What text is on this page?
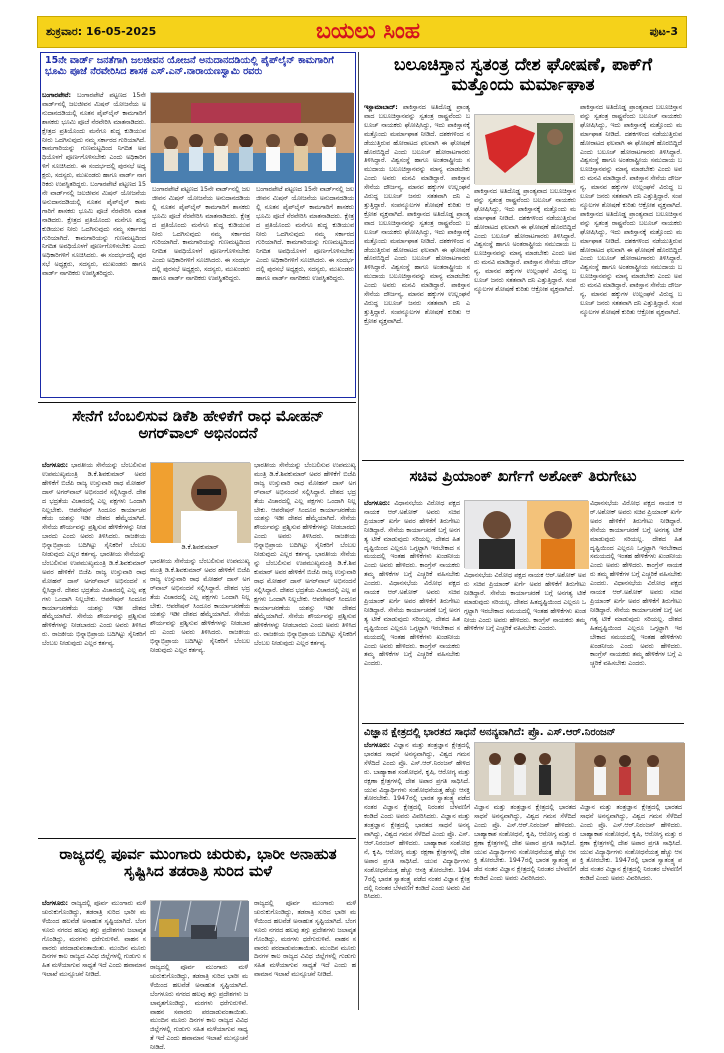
ಶುಕ್ರವಾರ: 16-05-2025	ಬಯಲು ಸಿಂಹ	ಪುಟ-3
15ನೇ ವಾರ್ಡ್ ಜನತೆಗಾಗಿ ಜಲಜೀವನ ಯೋಜನೆ ಅನುದಾನದಡಿಯಲ್ಲಿ ಪೈಪ್‌ಲೈನ್ ಕಾಮಗಾರಿಗೆ ಭೂಮಿ ಪೂಜೆ ನೆರವೇರಿಸಿದ ಶಾಸಕ ಎಸ್.ಎನ್.ನಾರಾಯಣಸ್ವಾಮಿ ರವರು
ಬಂಗಾರಪೇಟೆ: ಬಂಗಾರಪೇಟೆ ಪಟ್ಟಣದ 15ನೇ ವಾರ್ಡ್‌ನಲ್ಲಿ ಜಲಜೀವನ ಮಿಷನ್ ಯೋಜನೆಯ ಅನುದಾನದಡಿಯಲ್ಲಿ ನೂತನ ಪೈಪ್‌ಲೈನ್ ಕಾಮಗಾರಿಗೆ ಶಾಸಕರು ಭೂಮಿ ಪೂಜೆ ನೆರವೇರಿಸಿ ಮಾತನಾಡಿದರು. ಕ್ಷೇತ್ರದ ಪ್ರತಿಯೊಂದು ಮನೆಗೂ ಶುದ್ಧ ಕುಡಿಯುವ ನೀರು ಒದಗಿಸುವುದು ನಮ್ಮ ಸರ್ಕಾರದ ಗುರಿಯಾಗಿದೆ. ಕಾಮಗಾರಿಯನ್ನು ಗುಣಮಟ್ಟದಿಂದ ನಿಗದಿತ ಅವಧಿಯೊಳಗೆ ಪೂರ್ಣಗೊಳಿಸಬೇಕು ಎಂದು ಅಧಿಕಾರಿಗಳಿಗೆ ಸೂಚಿಸಿದರು. ಈ ಸಂದರ್ಭದಲ್ಲಿ ಪುರಸಭೆ ಅಧ್ಯಕ್ಷರು, ಸದಸ್ಯರು, ಮುಖಂಡರು ಹಾಗೂ ವಾರ್ಡ್ ನಾಗರಿಕರು ಉಪಸ್ಥಿತರಿದ್ದರು. ಬಂಗಾರಪೇಟೆ ಪಟ್ಟಣದ 15ನೇ ವಾರ್ಡ್‌ನಲ್ಲಿ ಜಲಜೀವನ ಮಿಷನ್ ಯೋಜನೆಯ ಅನುದಾನದಡಿಯಲ್ಲಿ ನೂತನ ಪೈಪ್‌ಲೈನ್ ಕಾಮಗಾರಿಗೆ ಶಾಸಕರು ಭೂಮಿ ಪೂಜೆ ನೆರವೇರಿಸಿ ಮಾತನಾಡಿದರು. ಕ್ಷೇತ್ರದ ಪ್ರತಿಯೊಂದು ಮನೆಗೂ ಶುದ್ಧ ಕುಡಿಯುವ ನೀರು ಒದಗಿಸುವುದು ನಮ್ಮ ಸರ್ಕಾರದ ಗುರಿಯಾಗಿದೆ. ಕಾಮಗಾರಿಯನ್ನು ಗುಣಮಟ್ಟದಿಂದ ನಿಗದಿತ ಅವಧಿಯೊಳಗೆ ಪೂರ್ಣಗೊಳಿಸಬೇಕು ಎಂದು ಅಧಿಕಾರಿಗಳಿಗೆ ಸೂಚಿಸಿದರು. ಈ ಸಂದರ್ಭದಲ್ಲಿ ಪುರಸಭೆ ಅಧ್ಯಕ್ಷರು, ಸದಸ್ಯರು, ಮುಖಂಡರು ಹಾಗೂ ವಾರ್ಡ್ ನಾಗರಿಕರು ಉಪಸ್ಥಿತರಿದ್ದರು.
ಬಂಗಾರಪೇಟೆ ಪಟ್ಟಣದ 15ನೇ ವಾರ್ಡ್‌ನಲ್ಲಿ ಜಲಜೀವನ ಮಿಷನ್ ಯೋಜನೆಯ ಅನುದಾನದಡಿಯಲ್ಲಿ ನೂತನ ಪೈಪ್‌ಲೈನ್ ಕಾಮಗಾರಿಗೆ ಶಾಸಕರು ಭೂಮಿ ಪೂಜೆ ನೆರವೇರಿಸಿ ಮಾತನಾಡಿದರು. ಕ್ಷೇತ್ರದ ಪ್ರತಿಯೊಂದು ಮನೆಗೂ ಶುದ್ಧ ಕುಡಿಯುವ ನೀರು ಒದಗಿಸುವುದು ನಮ್ಮ ಸರ್ಕಾರದ ಗುರಿಯಾಗಿದೆ. ಕಾಮಗಾರಿಯನ್ನು ಗುಣಮಟ್ಟದಿಂದ ನಿಗದಿತ ಅವಧಿಯೊಳಗೆ ಪೂರ್ಣಗೊಳಿಸಬೇಕು ಎಂದು ಅಧಿಕಾರಿಗಳಿಗೆ ಸೂಚಿಸಿದರು. ಈ ಸಂದರ್ಭದಲ್ಲಿ ಪುರಸಭೆ ಅಧ್ಯಕ್ಷರು, ಸದಸ್ಯರು, ಮುಖಂಡರು ಹಾಗೂ ವಾರ್ಡ್ ನಾಗರಿಕರು ಉಪಸ್ಥಿತರಿದ್ದರು.
ಬಂಗಾರಪೇಟೆ ಪಟ್ಟಣದ 15ನೇ ವಾರ್ಡ್‌ನಲ್ಲಿ ಜಲಜೀವನ ಮಿಷನ್ ಯೋಜನೆಯ ಅನುದಾನದಡಿಯಲ್ಲಿ ನೂತನ ಪೈಪ್‌ಲೈನ್ ಕಾಮಗಾರಿಗೆ ಶಾಸಕರು ಭೂಮಿ ಪೂಜೆ ನೆರವೇರಿಸಿ ಮಾತನಾಡಿದರು. ಕ್ಷೇತ್ರದ ಪ್ರತಿಯೊಂದು ಮನೆಗೂ ಶುದ್ಧ ಕುಡಿಯುವ ನೀರು ಒದಗಿಸುವುದು ನಮ್ಮ ಸರ್ಕಾರದ ಗುರಿಯಾಗಿದೆ. ಕಾಮಗಾರಿಯನ್ನು ಗುಣಮಟ್ಟದಿಂದ ನಿಗದಿತ ಅವಧಿಯೊಳಗೆ ಪೂರ್ಣಗೊಳಿಸಬೇಕು ಎಂದು ಅಧಿಕಾರಿಗಳಿಗೆ ಸೂಚಿಸಿದರು. ಈ ಸಂದರ್ಭದಲ್ಲಿ ಪುರಸಭೆ ಅಧ್ಯಕ್ಷರು, ಸದಸ್ಯರು, ಮುಖಂಡರು ಹಾಗೂ ವಾರ್ಡ್ ನಾಗರಿಕರು ಉಪಸ್ಥಿತರಿದ್ದರು.
ಬಲೂಚಿಸ್ತಾನ ಸ್ವತಂತ್ರ ದೇಶ ಘೋಷಣೆ, ಪಾಕ್‌ಗೆ ಮತ್ತೊಂದು ಮರ್ಮಾಘಾತ
ಇಸ್ಲಾಮಾಬಾದ್: ಪಾಕಿಸ್ತಾನದ ಅತಿದೊಡ್ಡ ಪ್ರಾಂತ್ಯವಾದ ಬಲೂಚಿಸ್ತಾನವನ್ನು ಸ್ವತಂತ್ರ ರಾಷ್ಟ್ರವೆಂದು ಬಲೂಚ್ ನಾಯಕರು ಘೋಷಿಸಿದ್ದು, ಇದು ಪಾಕಿಸ್ತಾನಕ್ಕೆ ಮತ್ತೊಂದು ಮರ್ಮಾಘಾತ ನೀಡಿದೆ. ದಶಕಗಳಿಂದ ನಡೆಯುತ್ತಿರುವ ಹೋರಾಟದ ಫಲವಾಗಿ ಈ ಘೋಷಣೆ ಹೊರಬಿದ್ದಿದೆ ಎಂದು ಬಲೂಚ್ ಹೋರಾಟಗಾರರು ತಿಳಿಸಿದ್ದಾರೆ. ವಿಶ್ವಸಂಸ್ಥೆ ಹಾಗೂ ಅಂತರಾಷ್ಟ್ರೀಯ ಸಮುದಾಯ ಬಲೂಚಿಸ್ತಾನವನ್ನು ಮಾನ್ಯ ಮಾಡಬೇಕು ಎಂದು ಅವರು ಮನವಿ ಮಾಡಿದ್ದಾರೆ. ಪಾಕಿಸ್ತಾನ ಸೇನೆಯ ದೌರ್ಜನ್ಯ, ಮಾನವ ಹಕ್ಕುಗಳ ಉಲ್ಲಂಘನೆ ವಿರುದ್ಧ ಬಲೂಚ್ ಜನರು ಸತತವಾಗಿ ದನಿ ಎತ್ತುತ್ತಿದ್ದಾರೆ. ಸಂಪನ್ಮೂಲಗಳ ಶೋಷಣೆ ಕುರಿತು ಆಕ್ರೋಶ ವ್ಯಕ್ತವಾಗಿದೆ. ಪಾಕಿಸ್ತಾನದ ಅತಿದೊಡ್ಡ ಪ್ರಾಂತ್ಯವಾದ ಬಲೂಚಿಸ್ತಾನವನ್ನು ಸ್ವತಂತ್ರ ರಾಷ್ಟ್ರವೆಂದು ಬಲೂಚ್ ನಾಯಕರು ಘೋಷಿಸಿದ್ದು, ಇದು ಪಾಕಿಸ್ತಾನಕ್ಕೆ ಮತ್ತೊಂದು ಮರ್ಮಾಘಾತ ನೀಡಿದೆ. ದಶಕಗಳಿಂದ ನಡೆಯುತ್ತಿರುವ ಹೋರಾಟದ ಫಲವಾಗಿ ಈ ಘೋಷಣೆ ಹೊರಬಿದ್ದಿದೆ ಎಂದು ಬಲೂಚ್ ಹೋರಾಟಗಾರರು ತಿಳಿಸಿದ್ದಾರೆ. ವಿಶ್ವಸಂಸ್ಥೆ ಹಾಗೂ ಅಂತರಾಷ್ಟ್ರೀಯ ಸಮುದಾಯ ಬಲೂಚಿಸ್ತಾನವನ್ನು ಮಾನ್ಯ ಮಾಡಬೇಕು ಎಂದು ಅವರು ಮನವಿ ಮಾಡಿದ್ದಾರೆ. ಪಾಕಿಸ್ತಾನ ಸೇನೆಯ ದೌರ್ಜನ್ಯ, ಮಾನವ ಹಕ್ಕುಗಳ ಉಲ್ಲಂಘನೆ ವಿರುದ್ಧ ಬಲೂಚ್ ಜನರು ಸತತವಾಗಿ ದನಿ ಎತ್ತುತ್ತಿದ್ದಾರೆ. ಸಂಪನ್ಮೂಲಗಳ ಶೋಷಣೆ ಕುರಿತು ಆಕ್ರೋಶ ವ್ಯಕ್ತವಾಗಿದೆ.
ಪಾಕಿಸ್ತಾನದ ಅತಿದೊಡ್ಡ ಪ್ರಾಂತ್ಯವಾದ ಬಲೂಚಿಸ್ತಾನವನ್ನು ಸ್ವತಂತ್ರ ರಾಷ್ಟ್ರವೆಂದು ಬಲೂಚ್ ನಾಯಕರು ಘೋಷಿಸಿದ್ದು, ಇದು ಪಾಕಿಸ್ತಾನಕ್ಕೆ ಮತ್ತೊಂದು ಮರ್ಮಾಘಾತ ನೀಡಿದೆ. ದಶಕಗಳಿಂದ ನಡೆಯುತ್ತಿರುವ ಹೋರಾಟದ ಫಲವಾಗಿ ಈ ಘೋಷಣೆ ಹೊರಬಿದ್ದಿದೆ ಎಂದು ಬಲೂಚ್ ಹೋರಾಟಗಾರರು ತಿಳಿಸಿದ್ದಾರೆ. ವಿಶ್ವಸಂಸ್ಥೆ ಹಾಗೂ ಅಂತರಾಷ್ಟ್ರೀಯ ಸಮುದಾಯ ಬಲೂಚಿಸ್ತಾನವನ್ನು ಮಾನ್ಯ ಮಾಡಬೇಕು ಎಂದು ಅವರು ಮನವಿ ಮಾಡಿದ್ದಾರೆ. ಪಾಕಿಸ್ತಾನ ಸೇನೆಯ ದೌರ್ಜನ್ಯ, ಮಾನವ ಹಕ್ಕುಗಳ ಉಲ್ಲಂಘನೆ ವಿರುದ್ಧ ಬಲೂಚ್ ಜನರು ಸತತವಾಗಿ ದನಿ ಎತ್ತುತ್ತಿದ್ದಾರೆ. ಸಂಪನ್ಮೂಲಗಳ ಶೋಷಣೆ ಕುರಿತು ಆಕ್ರೋಶ ವ್ಯಕ್ತವಾಗಿದೆ.
ಪಾಕಿಸ್ತಾನದ ಅತಿದೊಡ್ಡ ಪ್ರಾಂತ್ಯವಾದ ಬಲೂಚಿಸ್ತಾನವನ್ನು ಸ್ವತಂತ್ರ ರಾಷ್ಟ್ರವೆಂದು ಬಲೂಚ್ ನಾಯಕರು ಘೋಷಿಸಿದ್ದು, ಇದು ಪಾಕಿಸ್ತಾನಕ್ಕೆ ಮತ್ತೊಂದು ಮರ್ಮಾಘಾತ ನೀಡಿದೆ. ದಶಕಗಳಿಂದ ನಡೆಯುತ್ತಿರುವ ಹೋರಾಟದ ಫಲವಾಗಿ ಈ ಘೋಷಣೆ ಹೊರಬಿದ್ದಿದೆ ಎಂದು ಬಲೂಚ್ ಹೋರಾಟಗಾರರು ತಿಳಿಸಿದ್ದಾರೆ. ವಿಶ್ವಸಂಸ್ಥೆ ಹಾಗೂ ಅಂತರಾಷ್ಟ್ರೀಯ ಸಮುದಾಯ ಬಲೂಚಿಸ್ತಾನವನ್ನು ಮಾನ್ಯ ಮಾಡಬೇಕು ಎಂದು ಅವರು ಮನವಿ ಮಾಡಿದ್ದಾರೆ. ಪಾಕಿಸ್ತಾನ ಸೇನೆಯ ದೌರ್ಜನ್ಯ, ಮಾನವ ಹಕ್ಕುಗಳ ಉಲ್ಲಂಘನೆ ವಿರುದ್ಧ ಬಲೂಚ್ ಜನರು ಸತತವಾಗಿ ದನಿ ಎತ್ತುತ್ತಿದ್ದಾರೆ. ಸಂಪನ್ಮೂಲಗಳ ಶೋಷಣೆ ಕುರಿತು ಆಕ್ರೋಶ ವ್ಯಕ್ತವಾಗಿದೆ. ಪಾಕಿಸ್ತಾನದ ಅತಿದೊಡ್ಡ ಪ್ರಾಂತ್ಯವಾದ ಬಲೂಚಿಸ್ತಾನವನ್ನು ಸ್ವತಂತ್ರ ರಾಷ್ಟ್ರವೆಂದು ಬಲೂಚ್ ನಾಯಕರು ಘೋಷಿಸಿದ್ದು, ಇದು ಪಾಕಿಸ್ತಾನಕ್ಕೆ ಮತ್ತೊಂದು ಮರ್ಮಾಘಾತ ನೀಡಿದೆ. ದಶಕಗಳಿಂದ ನಡೆಯುತ್ತಿರುವ ಹೋರಾಟದ ಫಲವಾಗಿ ಈ ಘೋಷಣೆ ಹೊರಬಿದ್ದಿದೆ ಎಂದು ಬಲೂಚ್ ಹೋರಾಟಗಾರರು ತಿಳಿಸಿದ್ದಾರೆ. ವಿಶ್ವಸಂಸ್ಥೆ ಹಾಗೂ ಅಂತರಾಷ್ಟ್ರೀಯ ಸಮುದಾಯ ಬಲೂಚಿಸ್ತಾನವನ್ನು ಮಾನ್ಯ ಮಾಡಬೇಕು ಎಂದು ಅವರು ಮನವಿ ಮಾಡಿದ್ದಾರೆ. ಪಾಕಿಸ್ತಾನ ಸೇನೆಯ ದೌರ್ಜನ್ಯ, ಮಾನವ ಹಕ್ಕುಗಳ ಉಲ್ಲಂಘನೆ ವಿರುದ್ಧ ಬಲೂಚ್ ಜನರು ಸತತವಾಗಿ ದನಿ ಎತ್ತುತ್ತಿದ್ದಾರೆ. ಸಂಪನ್ಮೂಲಗಳ ಶೋಷಣೆ ಕುರಿತು ಆಕ್ರೋಶ ವ್ಯಕ್ತವಾಗಿದೆ.
ಸೇನೆಗೆ ಬೆಂಬಲಿಸುವ ಡಿಕೆಶಿ ಹೇಳಿಕೆಗೆ ರಾಧ ಮೋಹನ್ ಅಗರ್‌ವಾಲ್ ಅಭಿನಂದನೆ
ಡಿ.ಕೆ.ಶಿವಕುಮಾರ್
ಬೆಂಗಳೂರು: ಭಾರತೀಯ ಸೇನೆಯನ್ನು ಬೆಂಬಲಿಸುವ ಉಪಮುಖ್ಯಮಂತ್ರಿ ಡಿ.ಕೆ.ಶಿವಕುಮಾರ್ ಅವರ ಹೇಳಿಕೆಗೆ ಬಿಜೆಪಿ ರಾಜ್ಯ ಉಸ್ತುವಾರಿ ರಾಧ ಮೋಹನ್ ದಾಸ್ ಅಗರ್‌ವಾಲ್ ಅಭಿನಂದನೆ ಸಲ್ಲಿಸಿದ್ದಾರೆ. ದೇಶದ ಭದ್ರತೆಯ ವಿಚಾರದಲ್ಲಿ ಎಲ್ಲ ಪಕ್ಷಗಳು ಒಂದಾಗಿ ನಿಲ್ಲಬೇಕು. ಆಪರೇಷನ್ ಸಿಂದೂರ ಕಾರ್ಯಾಚರಣೆಯ ಯಶಸ್ಸು ಇಡೀ ದೇಶದ ಹೆಮ್ಮೆಯಾಗಿದೆ. ಸೇನೆಯ ಶೌರ್ಯವನ್ನು ಪ್ರಶ್ನಿಸುವ ಹೇಳಿಕೆಗಳನ್ನು ನೀಡಬಾರದು ಎಂದು ಅವರು ತಿಳಿಸಿದರು. ರಾಜಕೀಯ ಭಿನ್ನಾಭಿಪ್ರಾಯ ಬದಿಗಿಟ್ಟು ಸೈನಿಕರಿಗೆ ಬೆಂಬಲ ನೀಡುವುದು ಎಲ್ಲರ ಕರ್ತವ್ಯ. ಭಾರತೀಯ ಸೇನೆಯನ್ನು ಬೆಂಬಲಿಸುವ ಉಪಮುಖ್ಯಮಂತ್ರಿ ಡಿ.ಕೆ.ಶಿವಕುಮಾರ್ ಅವರ ಹೇಳಿಕೆಗೆ ಬಿಜೆಪಿ ರಾಜ್ಯ ಉಸ್ತುವಾರಿ ರಾಧ ಮೋಹನ್ ದಾಸ್ ಅಗರ್‌ವಾಲ್ ಅಭಿನಂದನೆ ಸಲ್ಲಿಸಿದ್ದಾರೆ. ದೇಶದ ಭದ್ರತೆಯ ವಿಚಾರದಲ್ಲಿ ಎಲ್ಲ ಪಕ್ಷಗಳು ಒಂದಾಗಿ ನಿಲ್ಲಬೇಕು. ಆಪರೇಷನ್ ಸಿಂದೂರ ಕಾರ್ಯಾಚರಣೆಯ ಯಶಸ್ಸು ಇಡೀ ದೇಶದ ಹೆಮ್ಮೆಯಾಗಿದೆ. ಸೇನೆಯ ಶೌರ್ಯವನ್ನು ಪ್ರಶ್ನಿಸುವ ಹೇಳಿಕೆಗಳನ್ನು ನೀಡಬಾರದು ಎಂದು ಅವರು ತಿಳಿಸಿದರು. ರಾಜಕೀಯ ಭಿನ್ನಾಭಿಪ್ರಾಯ ಬದಿಗಿಟ್ಟು ಸೈನಿಕರಿಗೆ ಬೆಂಬಲ ನೀಡುವುದು ಎಲ್ಲರ ಕರ್ತವ್ಯ.
ಭಾರತೀಯ ಸೇನೆಯನ್ನು ಬೆಂಬಲಿಸುವ ಉಪಮುಖ್ಯಮಂತ್ರಿ ಡಿ.ಕೆ.ಶಿವಕುಮಾರ್ ಅವರ ಹೇಳಿಕೆಗೆ ಬಿಜೆಪಿ ರಾಜ್ಯ ಉಸ್ತುವಾರಿ ರಾಧ ಮೋಹನ್ ದಾಸ್ ಅಗರ್‌ವಾಲ್ ಅಭಿನಂದನೆ ಸಲ್ಲಿಸಿದ್ದಾರೆ. ದೇಶದ ಭದ್ರತೆಯ ವಿಚಾರದಲ್ಲಿ ಎಲ್ಲ ಪಕ್ಷಗಳು ಒಂದಾಗಿ ನಿಲ್ಲಬೇಕು. ಆಪರೇಷನ್ ಸಿಂದೂರ ಕಾರ್ಯಾಚರಣೆಯ ಯಶಸ್ಸು ಇಡೀ ದೇಶದ ಹೆಮ್ಮೆಯಾಗಿದೆ. ಸೇನೆಯ ಶೌರ್ಯವನ್ನು ಪ್ರಶ್ನಿಸುವ ಹೇಳಿಕೆಗಳನ್ನು ನೀಡಬಾರದು ಎಂದು ಅವರು ತಿಳಿಸಿದರು. ರಾಜಕೀಯ ಭಿನ್ನಾಭಿಪ್ರಾಯ ಬದಿಗಿಟ್ಟು ಸೈನಿಕರಿಗೆ ಬೆಂಬಲ ನೀಡುವುದು ಎಲ್ಲರ ಕರ್ತವ್ಯ.
ಭಾರತೀಯ ಸೇನೆಯನ್ನು ಬೆಂಬಲಿಸುವ ಉಪಮುಖ್ಯಮಂತ್ರಿ ಡಿ.ಕೆ.ಶಿವಕುಮಾರ್ ಅವರ ಹೇಳಿಕೆಗೆ ಬಿಜೆಪಿ ರಾಜ್ಯ ಉಸ್ತುವಾರಿ ರಾಧ ಮೋಹನ್ ದಾಸ್ ಅಗರ್‌ವಾಲ್ ಅಭಿನಂದನೆ ಸಲ್ಲಿಸಿದ್ದಾರೆ. ದೇಶದ ಭದ್ರತೆಯ ವಿಚಾರದಲ್ಲಿ ಎಲ್ಲ ಪಕ್ಷಗಳು ಒಂದಾಗಿ ನಿಲ್ಲಬೇಕು. ಆಪರೇಷನ್ ಸಿಂದೂರ ಕಾರ್ಯಾಚರಣೆಯ ಯಶಸ್ಸು ಇಡೀ ದೇಶದ ಹೆಮ್ಮೆಯಾಗಿದೆ. ಸೇನೆಯ ಶೌರ್ಯವನ್ನು ಪ್ರಶ್ನಿಸುವ ಹೇಳಿಕೆಗಳನ್ನು ನೀಡಬಾರದು ಎಂದು ಅವರು ತಿಳಿಸಿದರು. ರಾಜಕೀಯ ಭಿನ್ನಾಭಿಪ್ರಾಯ ಬದಿಗಿಟ್ಟು ಸೈನಿಕರಿಗೆ ಬೆಂಬಲ ನೀಡುವುದು ಎಲ್ಲರ ಕರ್ತವ್ಯ. ಭಾರತೀಯ ಸೇನೆಯನ್ನು ಬೆಂಬಲಿಸುವ ಉಪಮುಖ್ಯಮಂತ್ರಿ ಡಿ.ಕೆ.ಶಿವಕುಮಾರ್ ಅವರ ಹೇಳಿಕೆಗೆ ಬಿಜೆಪಿ ರಾಜ್ಯ ಉಸ್ತುವಾರಿ ರಾಧ ಮೋಹನ್ ದಾಸ್ ಅಗರ್‌ವಾಲ್ ಅಭಿನಂದನೆ ಸಲ್ಲಿಸಿದ್ದಾರೆ. ದೇಶದ ಭದ್ರತೆಯ ವಿಚಾರದಲ್ಲಿ ಎಲ್ಲ ಪಕ್ಷಗಳು ಒಂದಾಗಿ ನಿಲ್ಲಬೇಕು. ಆಪರೇಷನ್ ಸಿಂದೂರ ಕಾರ್ಯಾಚರಣೆಯ ಯಶಸ್ಸು ಇಡೀ ದೇಶದ ಹೆಮ್ಮೆಯಾಗಿದೆ. ಸೇನೆಯ ಶೌರ್ಯವನ್ನು ಪ್ರಶ್ನಿಸುವ ಹೇಳಿಕೆಗಳನ್ನು ನೀಡಬಾರದು ಎಂದು ಅವರು ತಿಳಿಸಿದರು. ರಾಜಕೀಯ ಭಿನ್ನಾಭಿಪ್ರಾಯ ಬದಿಗಿಟ್ಟು ಸೈನಿಕರಿಗೆ ಬೆಂಬಲ ನೀಡುವುದು ಎಲ್ಲರ ಕರ್ತವ್ಯ.
ಸಚಿವ ಪ್ರಿಯಾಂಕ್ ಖರ್ಗೆಗೆ ಅಶೋಕ್ ತಿರುಗೇಟು
ಬೆಂಗಳೂರು: ವಿಧಾನಸಭೆಯ ವಿರೋಧ ಪಕ್ಷದ ನಾಯಕ ಆರ್.ಅಶೋಕ್ ಅವರು ಸಚಿವ ಪ್ರಿಯಾಂಕ್ ಖರ್ಗೆ ಅವರ ಹೇಳಿಕೆಗೆ ತಿರುಗೇಟು ನೀಡಿದ್ದಾರೆ. ಸೇನೆಯ ಕಾರ್ಯಾಚರಣೆ ಬಗ್ಗೆ ಅನಗತ್ಯ ಟೀಕೆ ಮಾಡುವುದು ಸರಿಯಲ್ಲ. ದೇಶದ ಹಿತದೃಷ್ಟಿಯಿಂದ ಎಲ್ಲರೂ ಒಗ್ಗಟ್ಟಾಗಿ ಇರಬೇಕಾದ ಸಮಯದಲ್ಲಿ ಇಂತಹ ಹೇಳಿಕೆಗಳು ಖಂಡನೀಯ ಎಂದು ಅವರು ಹೇಳಿದರು. ಕಾಂಗ್ರೆಸ್ ನಾಯಕರು ತಮ್ಮ ಹೇಳಿಕೆಗಳ ಬಗ್ಗೆ ಎಚ್ಚರಿಕೆ ವಹಿಸಬೇಕು ಎಂದರು. ವಿಧಾನಸಭೆಯ ವಿರೋಧ ಪಕ್ಷದ ನಾಯಕ ಆರ್.ಅಶೋಕ್ ಅವರು ಸಚಿವ ಪ್ರಿಯಾಂಕ್ ಖರ್ಗೆ ಅವರ ಹೇಳಿಕೆಗೆ ತಿರುಗೇಟು ನೀಡಿದ್ದಾರೆ. ಸೇನೆಯ ಕಾರ್ಯಾಚರಣೆ ಬಗ್ಗೆ ಅನಗತ್ಯ ಟೀಕೆ ಮಾಡುವುದು ಸರಿಯಲ್ಲ. ದೇಶದ ಹಿತದೃಷ್ಟಿಯಿಂದ ಎಲ್ಲರೂ ಒಗ್ಗಟ್ಟಾಗಿ ಇರಬೇಕಾದ ಸಮಯದಲ್ಲಿ ಇಂತಹ ಹೇಳಿಕೆಗಳು ಖಂಡನೀಯ ಎಂದು ಅವರು ಹೇಳಿದರು. ಕಾಂಗ್ರೆಸ್ ನಾಯಕರು ತಮ್ಮ ಹೇಳಿಕೆಗಳ ಬಗ್ಗೆ ಎಚ್ಚರಿಕೆ ವಹಿಸಬೇಕು ಎಂದರು.
ವಿಧಾನಸಭೆಯ ವಿರೋಧ ಪಕ್ಷದ ನಾಯಕ ಆರ್.ಅಶೋಕ್ ಅವರು ಸಚಿವ ಪ್ರಿಯಾಂಕ್ ಖರ್ಗೆ ಅವರ ಹೇಳಿಕೆಗೆ ತಿರುಗೇಟು ನೀಡಿದ್ದಾರೆ. ಸೇನೆಯ ಕಾರ್ಯಾಚರಣೆ ಬಗ್ಗೆ ಅನಗತ್ಯ ಟೀಕೆ ಮಾಡುವುದು ಸರಿಯಲ್ಲ. ದೇಶದ ಹಿತದೃಷ್ಟಿಯಿಂದ ಎಲ್ಲರೂ ಒಗ್ಗಟ್ಟಾಗಿ ಇರಬೇಕಾದ ಸಮಯದಲ್ಲಿ ಇಂತಹ ಹೇಳಿಕೆಗಳು ಖಂಡನೀಯ ಎಂದು ಅವರು ಹೇಳಿದರು. ಕಾಂಗ್ರೆಸ್ ನಾಯಕರು ತಮ್ಮ ಹೇಳಿಕೆಗಳ ಬಗ್ಗೆ ಎಚ್ಚರಿಕೆ ವಹಿಸಬೇಕು ಎಂದರು.
ವಿಧಾನಸಭೆಯ ವಿರೋಧ ಪಕ್ಷದ ನಾಯಕ ಆರ್.ಅಶೋಕ್ ಅವರು ಸಚಿವ ಪ್ರಿಯಾಂಕ್ ಖರ್ಗೆ ಅವರ ಹೇಳಿಕೆಗೆ ತಿರುಗೇಟು ನೀಡಿದ್ದಾರೆ. ಸೇನೆಯ ಕಾರ್ಯಾಚರಣೆ ಬಗ್ಗೆ ಅನಗತ್ಯ ಟೀಕೆ ಮಾಡುವುದು ಸರಿಯಲ್ಲ. ದೇಶದ ಹಿತದೃಷ್ಟಿಯಿಂದ ಎಲ್ಲರೂ ಒಗ್ಗಟ್ಟಾಗಿ ಇರಬೇಕಾದ ಸಮಯದಲ್ಲಿ ಇಂತಹ ಹೇಳಿಕೆಗಳು ಖಂಡನೀಯ ಎಂದು ಅವರು ಹೇಳಿದರು. ಕಾಂಗ್ರೆಸ್ ನಾಯಕರು ತಮ್ಮ ಹೇಳಿಕೆಗಳ ಬಗ್ಗೆ ಎಚ್ಚರಿಕೆ ವಹಿಸಬೇಕು ಎಂದರು. ವಿಧಾನಸಭೆಯ ವಿರೋಧ ಪಕ್ಷದ ನಾಯಕ ಆರ್.ಅಶೋಕ್ ಅವರು ಸಚಿವ ಪ್ರಿಯಾಂಕ್ ಖರ್ಗೆ ಅವರ ಹೇಳಿಕೆಗೆ ತಿರುಗೇಟು ನೀಡಿದ್ದಾರೆ. ಸೇನೆಯ ಕಾರ್ಯಾಚರಣೆ ಬಗ್ಗೆ ಅನಗತ್ಯ ಟೀಕೆ ಮಾಡುವುದು ಸರಿಯಲ್ಲ. ದೇಶದ ಹಿತದೃಷ್ಟಿಯಿಂದ ಎಲ್ಲರೂ ಒಗ್ಗಟ್ಟಾಗಿ ಇರಬೇಕಾದ ಸಮಯದಲ್ಲಿ ಇಂತಹ ಹೇಳಿಕೆಗಳು ಖಂಡನೀಯ ಎಂದು ಅವರು ಹೇಳಿದರು. ಕಾಂಗ್ರೆಸ್ ನಾಯಕರು ತಮ್ಮ ಹೇಳಿಕೆಗಳ ಬಗ್ಗೆ ಎಚ್ಚರಿಕೆ ವಹಿಸಬೇಕು ಎಂದರು.
ವಿಜ್ಞಾನ ಕ್ಷೇತ್ರದಲ್ಲಿ ಭಾರತದ ಸಾಧನೆ ಅನನ್ಯವಾಗಿದೆ: ಪ್ರೊ. ಎಸ್.ಆರ್.ನಿರಂಜನ್
ಬೆಂಗಳೂರು: ವಿಜ್ಞಾನ ಮತ್ತು ತಂತ್ರಜ್ಞಾನ ಕ್ಷೇತ್ರದಲ್ಲಿ ಭಾರತದ ಸಾಧನೆ ಅನನ್ಯವಾಗಿದ್ದು, ವಿಶ್ವದ ಗಮನ ಸೆಳೆದಿದೆ ಎಂದು ಪ್ರೊ. ಎಸ್.ಆರ್.ನಿರಂಜನ್ ಹೇಳಿದರು. ಬಾಹ್ಯಾಕಾಶ ಸಂಶೋಧನೆ, ಕೃಷಿ, ಆರೋಗ್ಯ ಮತ್ತು ರಕ್ಷಣಾ ಕ್ಷೇತ್ರಗಳಲ್ಲಿ ದೇಶ ಅಪಾರ ಪ್ರಗತಿ ಸಾಧಿಸಿದೆ. ಯುವ ವಿದ್ಯಾರ್ಥಿಗಳು ಸಂಶೋಧನೆಯತ್ತ ಹೆಚ್ಚು ಆಸಕ್ತಿ ತೋರಬೇಕು. 1947ರಲ್ಲಿ ಭಾರತ ಸ್ವಾತಂತ್ರ್ಯ ಪಡೆದ ನಂತರ ವಿಜ್ಞಾನ ಕ್ಷೇತ್ರದಲ್ಲಿ ನಿರಂತರ ಬೆಳವಣಿಗೆ ಕಂಡಿದೆ ಎಂದು ಅವರು ವಿವರಿಸಿದರು. ವಿಜ್ಞಾನ ಮತ್ತು ತಂತ್ರಜ್ಞಾನ ಕ್ಷೇತ್ರದಲ್ಲಿ ಭಾರತದ ಸಾಧನೆ ಅನನ್ಯವಾಗಿದ್ದು, ವಿಶ್ವದ ಗಮನ ಸೆಳೆದಿದೆ ಎಂದು ಪ್ರೊ. ಎಸ್.ಆರ್.ನಿರಂಜನ್ ಹೇಳಿದರು. ಬಾಹ್ಯಾಕಾಶ ಸಂಶೋಧನೆ, ಕೃಷಿ, ಆರೋಗ್ಯ ಮತ್ತು ರಕ್ಷಣಾ ಕ್ಷೇತ್ರಗಳಲ್ಲಿ ದೇಶ ಅಪಾರ ಪ್ರಗತಿ ಸಾಧಿಸಿದೆ. ಯುವ ವಿದ್ಯಾರ್ಥಿಗಳು ಸಂಶೋಧನೆಯತ್ತ ಹೆಚ್ಚು ಆಸಕ್ತಿ ತೋರಬೇಕು. 1947ರಲ್ಲಿ ಭಾರತ ಸ್ವಾತಂತ್ರ್ಯ ಪಡೆದ ನಂತರ ವಿಜ್ಞಾನ ಕ್ಷೇತ್ರದಲ್ಲಿ ನಿರಂತರ ಬೆಳವಣಿಗೆ ಕಂಡಿದೆ ಎಂದು ಅವರು ವಿವರಿಸಿದರು.
ವಿಜ್ಞಾನ ಮತ್ತು ತಂತ್ರಜ್ಞಾನ ಕ್ಷೇತ್ರದಲ್ಲಿ ಭಾರತದ ಸಾಧನೆ ಅನನ್ಯವಾಗಿದ್ದು, ವಿಶ್ವದ ಗಮನ ಸೆಳೆದಿದೆ ಎಂದು ಪ್ರೊ. ಎಸ್.ಆರ್.ನಿರಂಜನ್ ಹೇಳಿದರು. ಬಾಹ್ಯಾಕಾಶ ಸಂಶೋಧನೆ, ಕೃಷಿ, ಆರೋಗ್ಯ ಮತ್ತು ರಕ್ಷಣಾ ಕ್ಷೇತ್ರಗಳಲ್ಲಿ ದೇಶ ಅಪಾರ ಪ್ರಗತಿ ಸಾಧಿಸಿದೆ. ಯುವ ವಿದ್ಯಾರ್ಥಿಗಳು ಸಂಶೋಧನೆಯತ್ತ ಹೆಚ್ಚು ಆಸಕ್ತಿ ತೋರಬೇಕು. 1947ರಲ್ಲಿ ಭಾರತ ಸ್ವಾತಂತ್ರ್ಯ ಪಡೆದ ನಂತರ ವಿಜ್ಞಾನ ಕ್ಷೇತ್ರದಲ್ಲಿ ನಿರಂತರ ಬೆಳವಣಿಗೆ ಕಂಡಿದೆ ಎಂದು ಅವರು ವಿವರಿಸಿದರು.
ವಿಜ್ಞಾನ ಮತ್ತು ತಂತ್ರಜ್ಞಾನ ಕ್ಷೇತ್ರದಲ್ಲಿ ಭಾರತದ ಸಾಧನೆ ಅನನ್ಯವಾಗಿದ್ದು, ವಿಶ್ವದ ಗಮನ ಸೆಳೆದಿದೆ ಎಂದು ಪ್ರೊ. ಎಸ್.ಆರ್.ನಿರಂಜನ್ ಹೇಳಿದರು. ಬಾಹ್ಯಾಕಾಶ ಸಂಶೋಧನೆ, ಕೃಷಿ, ಆರೋಗ್ಯ ಮತ್ತು ರಕ್ಷಣಾ ಕ್ಷೇತ್ರಗಳಲ್ಲಿ ದೇಶ ಅಪಾರ ಪ್ರಗತಿ ಸಾಧಿಸಿದೆ. ಯುವ ವಿದ್ಯಾರ್ಥಿಗಳು ಸಂಶೋಧನೆಯತ್ತ ಹೆಚ್ಚು ಆಸಕ್ತಿ ತೋರಬೇಕು. 1947ರಲ್ಲಿ ಭಾರತ ಸ್ವಾತಂತ್ರ್ಯ ಪಡೆದ ನಂತರ ವಿಜ್ಞಾನ ಕ್ಷೇತ್ರದಲ್ಲಿ ನಿರಂತರ ಬೆಳವಣಿಗೆ ಕಂಡಿದೆ ಎಂದು ಅವರು ವಿವರಿಸಿದರು.
ರಾಜ್ಯದಲ್ಲಿ ಪೂರ್ವ ಮುಂಗಾರು ಚುರುಕು, ಭಾರೀ ಅನಾಹುತ ಸೃಷ್ಟಿಸಿದ ತಡರಾತ್ರಿ ಸುರಿದ ಮಳೆ
ಬೆಂಗಳೂರು: ರಾಜ್ಯದಲ್ಲಿ ಪೂರ್ವ ಮುಂಗಾರು ಮಳೆ ಚುರುಕುಗೊಂಡಿದ್ದು, ತಡರಾತ್ರಿ ಸುರಿದ ಭಾರೀ ಮಳೆಯಿಂದ ಹಲವೆಡೆ ಅನಾಹುತ ಸೃಷ್ಟಿಯಾಗಿದೆ. ಬೆಂಗಳೂರು ನಗರದ ಹಲವು ತಗ್ಗು ಪ್ರದೇಶಗಳು ಜಲಾವೃತಗೊಂಡಿದ್ದು, ಮರಗಳು ಧರೆಗುರುಳಿವೆ. ವಾಹನ ಸವಾರರು ಪರದಾಡುವಂತಾಯಿತು. ಮುಂದಿನ ಮೂರು ದಿನಗಳ ಕಾಲ ರಾಜ್ಯದ ವಿವಿಧ ಜಿಲ್ಲೆಗಳಲ್ಲಿ ಗುಡುಗು ಸಹಿತ ಮಳೆಯಾಗುವ ಸಾಧ್ಯತೆ ಇದೆ ಎಂದು ಹವಾಮಾನ ಇಲಾಖೆ ಮುನ್ಸೂಚನೆ ನೀಡಿದೆ.
ರಾಜ್ಯದಲ್ಲಿ ಪೂರ್ವ ಮುಂಗಾರು ಮಳೆ ಚುರುಕುಗೊಂಡಿದ್ದು, ತಡರಾತ್ರಿ ಸುರಿದ ಭಾರೀ ಮಳೆಯಿಂದ ಹಲವೆಡೆ ಅನಾಹುತ ಸೃಷ್ಟಿಯಾಗಿದೆ. ಬೆಂಗಳೂರು ನಗರದ ಹಲವು ತಗ್ಗು ಪ್ರದೇಶಗಳು ಜಲಾವೃತಗೊಂಡಿದ್ದು, ಮರಗಳು ಧರೆಗುರುಳಿವೆ. ವಾಹನ ಸವಾರರು ಪರದಾಡುವಂತಾಯಿತು. ಮುಂದಿನ ಮೂರು ದಿನಗಳ ಕಾಲ ರಾಜ್ಯದ ವಿವಿಧ ಜಿಲ್ಲೆಗಳಲ್ಲಿ ಗುಡುಗು ಸಹಿತ ಮಳೆಯಾಗುವ ಸಾಧ್ಯತೆ ಇದೆ ಎಂದು ಹವಾಮಾನ ಇಲಾಖೆ ಮುನ್ಸೂಚನೆ ನೀಡಿದೆ.
ರಾಜ್ಯದಲ್ಲಿ ಪೂರ್ವ ಮುಂಗಾರು ಮಳೆ ಚುರುಕುಗೊಂಡಿದ್ದು, ತಡರಾತ್ರಿ ಸುರಿದ ಭಾರೀ ಮಳೆಯಿಂದ ಹಲವೆಡೆ ಅನಾಹುತ ಸೃಷ್ಟಿಯಾಗಿದೆ. ಬೆಂಗಳೂರು ನಗರದ ಹಲವು ತಗ್ಗು ಪ್ರದೇಶಗಳು ಜಲಾವೃತಗೊಂಡಿದ್ದು, ಮರಗಳು ಧರೆಗುರುಳಿವೆ. ವಾಹನ ಸವಾರರು ಪರದಾಡುವಂತಾಯಿತು. ಮುಂದಿನ ಮೂರು ದಿನಗಳ ಕಾಲ ರಾಜ್ಯದ ವಿವಿಧ ಜಿಲ್ಲೆಗಳಲ್ಲಿ ಗುಡುಗು ಸಹಿತ ಮಳೆಯಾಗುವ ಸಾಧ್ಯತೆ ಇದೆ ಎಂದು ಹವಾಮಾನ ಇಲಾಖೆ ಮುನ್ಸೂಚನೆ ನೀಡಿದೆ.
